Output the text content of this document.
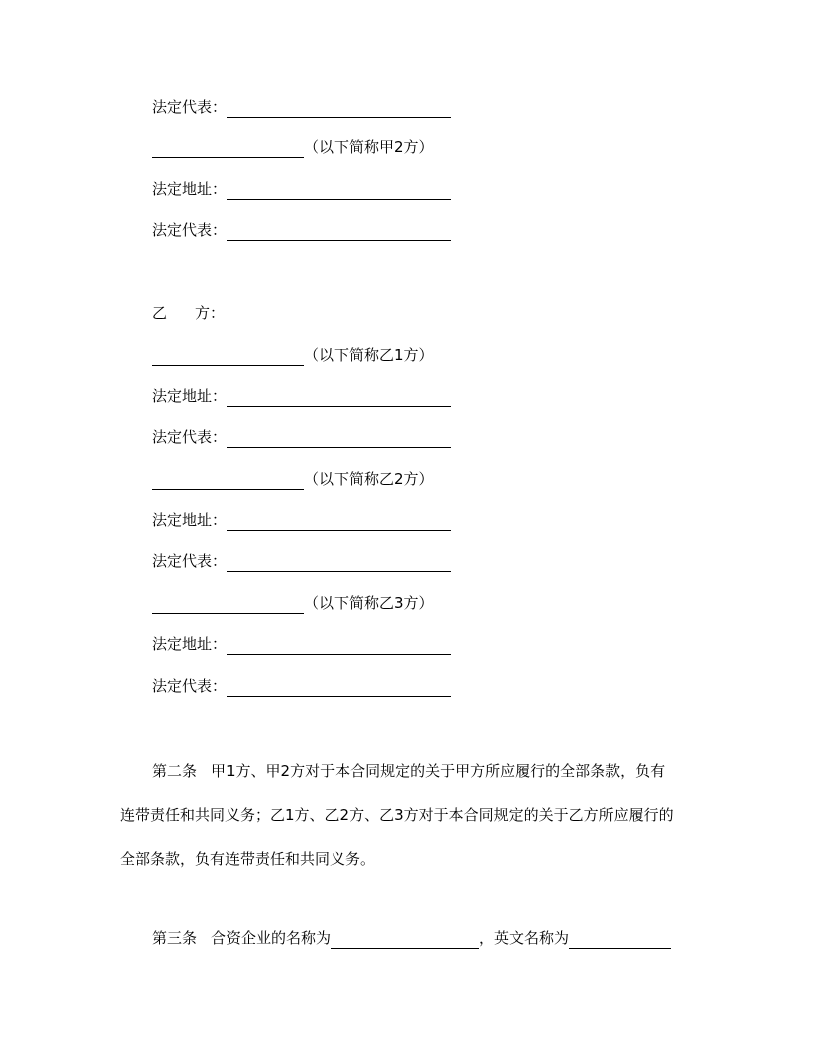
法定代表：
（以下简称甲2方）
法定地址：
法定代表：
乙 方：
（以下简称乙1方）
法定地址：
法定代表：
（以下简称乙2方）
法定地址：
法定代表：
（以下简称乙3方）
法定地址：
法定代表：

第二条 甲1方、甲2方对于本合同规定的关于甲方所应履行的全部条款，负有

连带责任和共同义务；乙1方、乙2方、乙3方对于本合同规定的关于乙方所应履行的

全部条款，负有连带责任和共同义务。

第三条 合资企业的名称为	，英文名称为
